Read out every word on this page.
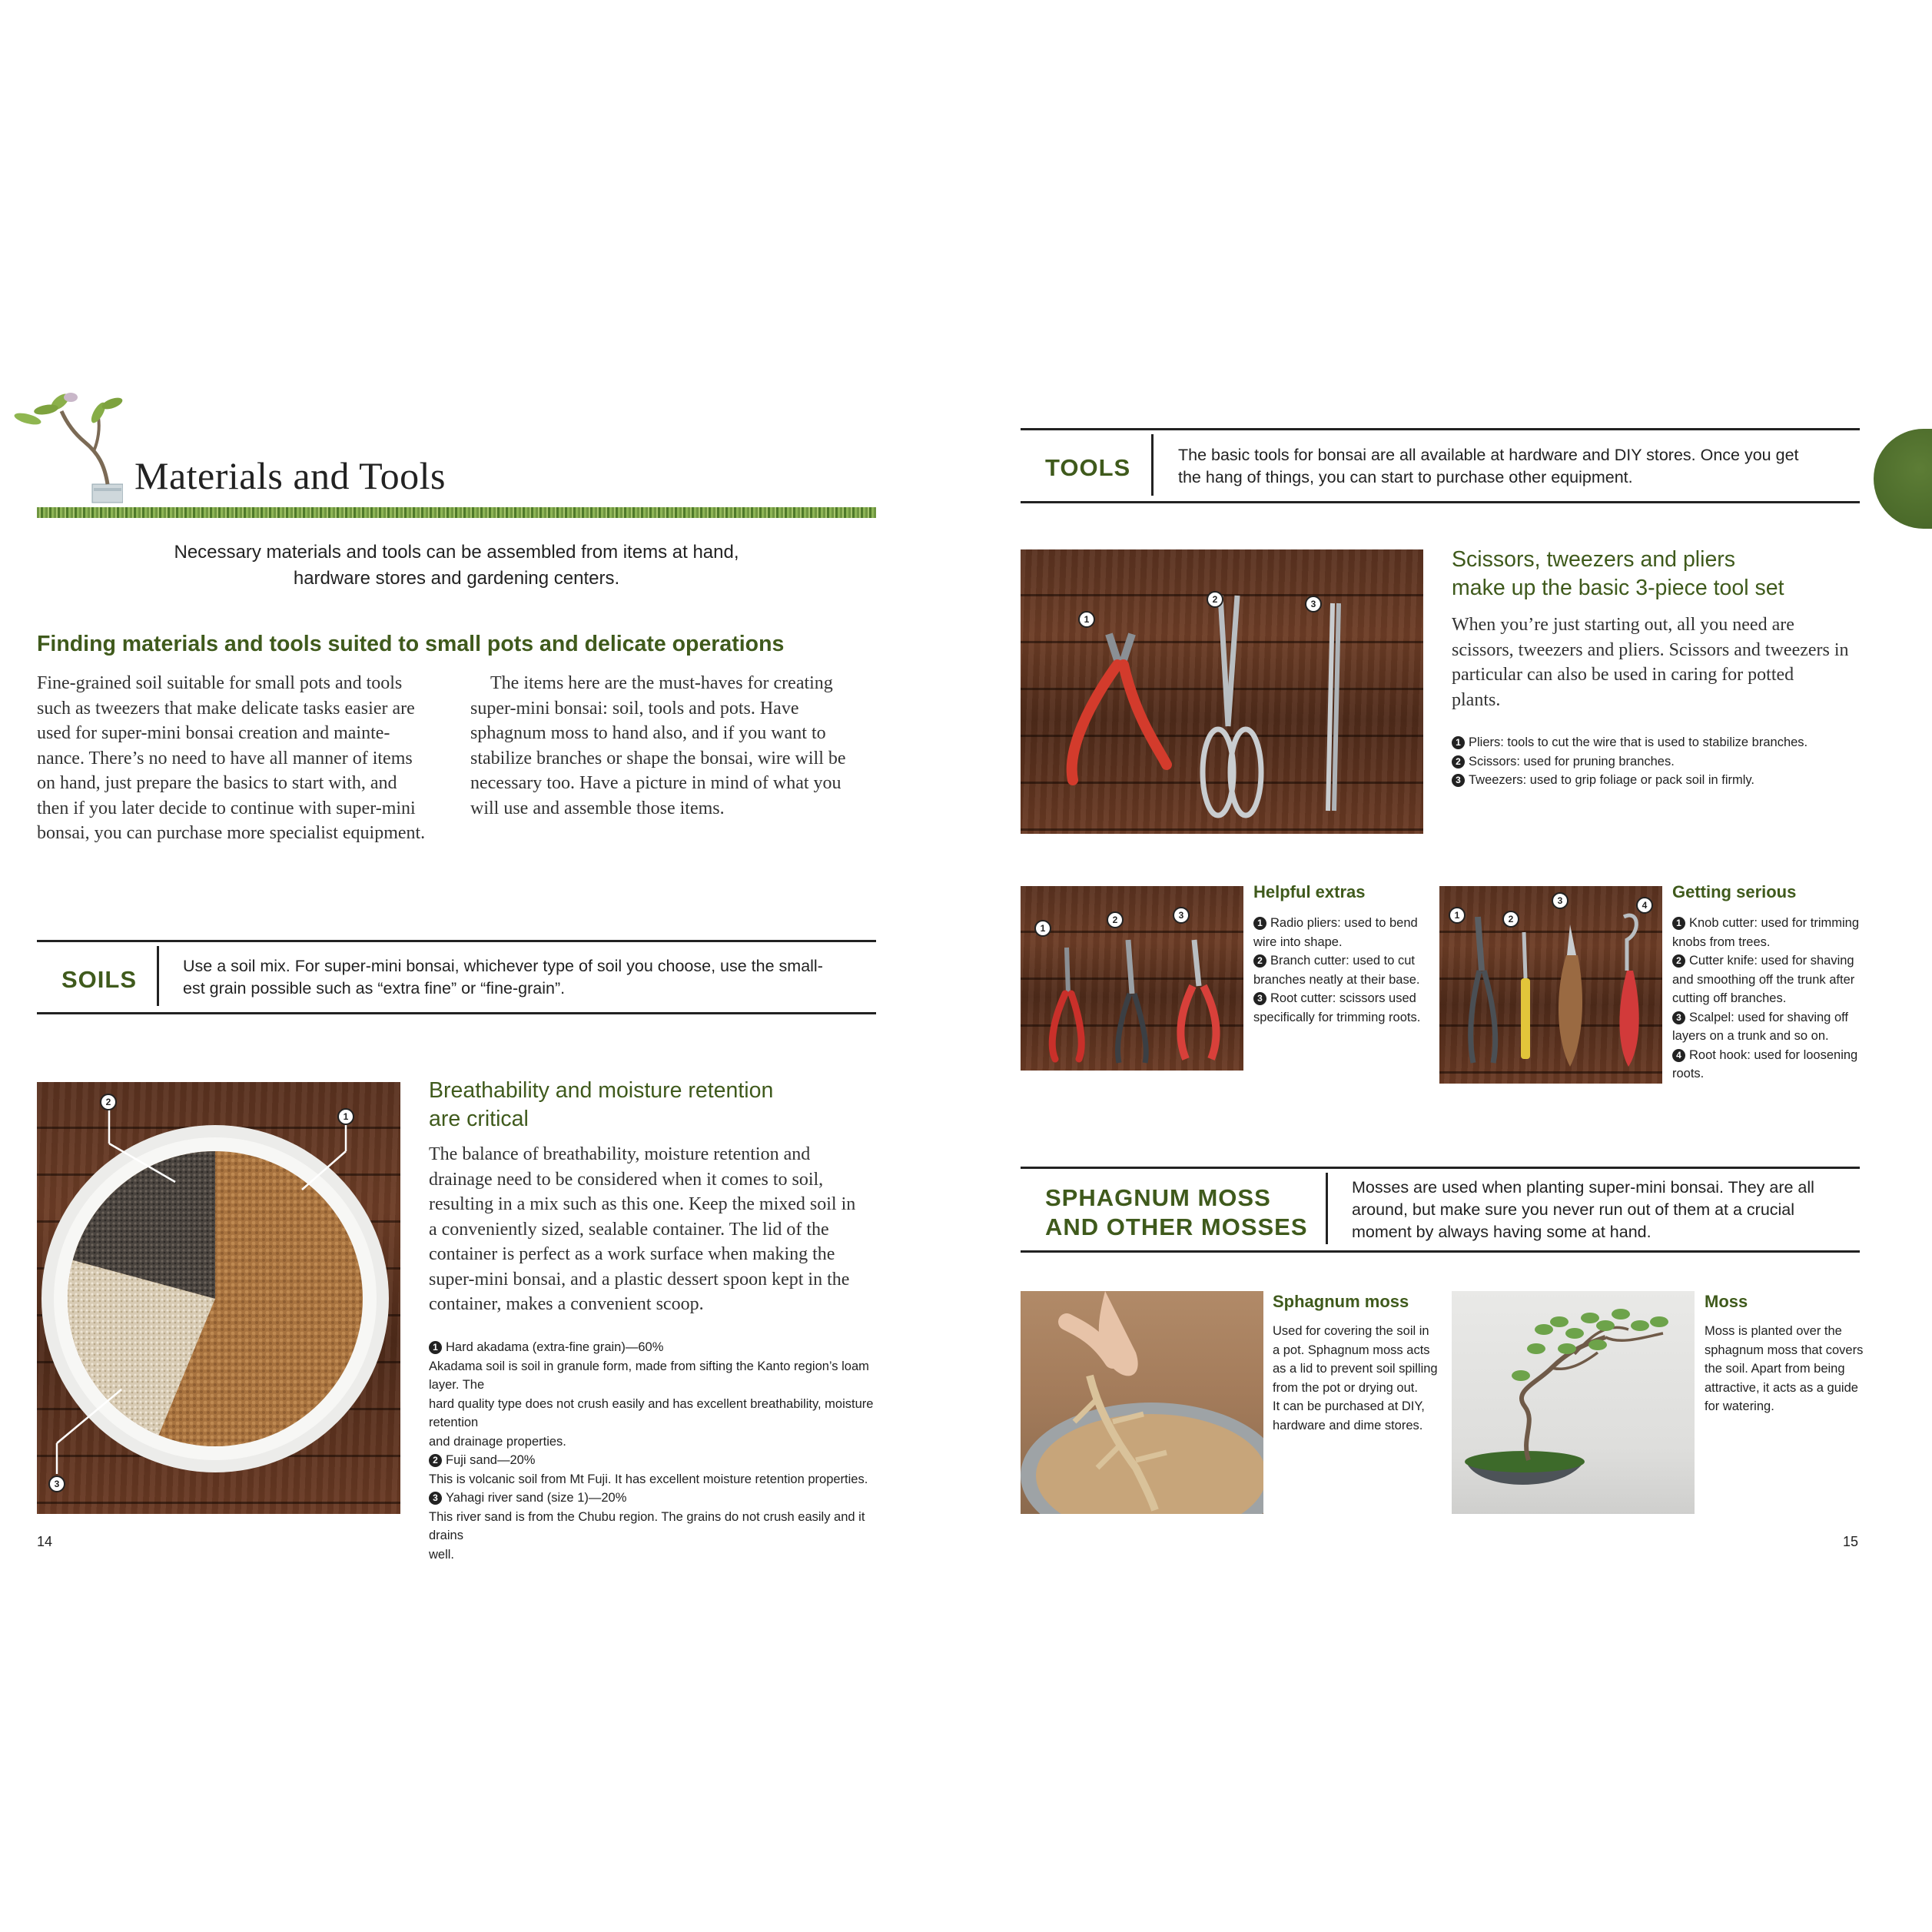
Materials and Tools
Necessary materials and tools can be assembled from items at hand,
hardware stores and gardening centers.
Finding materials and tools suited to small pots and delicate operations
Fine-grained soil suitable for small pots and tools
such as tweezers that make delicate tasks easier are
used for super-mini bonsai creation and mainte-
nance. There’s no need to have all manner of items
on hand, just prepare the basics to start with, and
then if you later decide to continue with super-mini
bonsai, you can purchase more specialist equipment.
The items here are the must-haves for creating
super-mini bonsai: soil, tools and pots. Have
sphagnum moss to hand also, and if you want to
stabilize branches or shape the bonsai, wire will be
necessary too. Have a picture in mind of what you
will use and assemble those items.
SOILS	Use a soil mix. For super-mini bonsai, whichever type of soil you choose, use the small-
est grain possible such as “extra fine” or “fine-grain”.
2
1
3
Breathability and moisture retention
are critical
The balance of breathability, moisture retention and
drainage need to be considered when it comes to soil,
resulting in a mix such as this one. Keep the mixed soil in
a conveniently sized, sealable container. The lid of the
container is perfect as a work surface when making the
super-mini bonsai, and a plastic dessert spoon kept in the
container, makes a convenient scoop.
1 Hard akadama (extra-fine grain)—60%
Akadama soil is soil in granule form, made from sifting the Kanto region’s loam layer. The
hard quality type does not crush easily and has excellent breathability, moisture retention
and drainage properties.
2 Fuji sand—20%
This is volcanic soil from Mt Fuji. It has excellent moisture retention properties.
3 Yahagi river sand (size 1)—20%
This river sand is from the Chubu region. The grains do not crush easily and it drains
well.
14
TOOLS	The basic tools for bonsai are all available at hardware and DIY stores. Once you get
the hang of things, you can start to purchase other equipment.
1
2	3
Scissors, tweezers and pliers
make up the basic 3-piece tool set
When you’re just starting out, all you need are
scissors, tweezers and pliers. Scissors and tweezers in
particular can also be used in caring for potted
plants.
1 Pliers: tools to cut the wire that is used to stabilize branches.
2 Scissors: used for pruning branches.
3 Tweezers: used to grip foliage or pack soil in firmly.
1
2	3
Helpful extras
1 Radio pliers: used to bend
wire into shape.
2 Branch cutter: used to cut
branches neatly at their base.
3 Root cutter: scissors used
specifically for trimming roots.
1	2
3	4
Getting serious
1 Knob cutter: used for trimming
knobs from trees.
2 Cutter knife: used for shaving
and smoothing off the trunk after
cutting off branches.
3 Scalpel: used for shaving off
layers on a trunk and so on.
4 Root hook: used for loosening
roots.
SPHAGNUM MOSS
AND OTHER MOSSES
Mosses are used when planting super-mini bonsai. They are all
around, but make sure you never run out of them at a crucial
moment by always having some at hand.
Sphagnum moss
Used for covering the soil in
a pot. Sphagnum moss acts
as a lid to prevent soil spilling
from the pot or drying out.
It can be purchased at DIY,
hardware and dime stores.
Moss
Moss is planted over the
sphagnum moss that covers
the soil. Apart from being
attractive, it acts as a guide
for watering.
15
